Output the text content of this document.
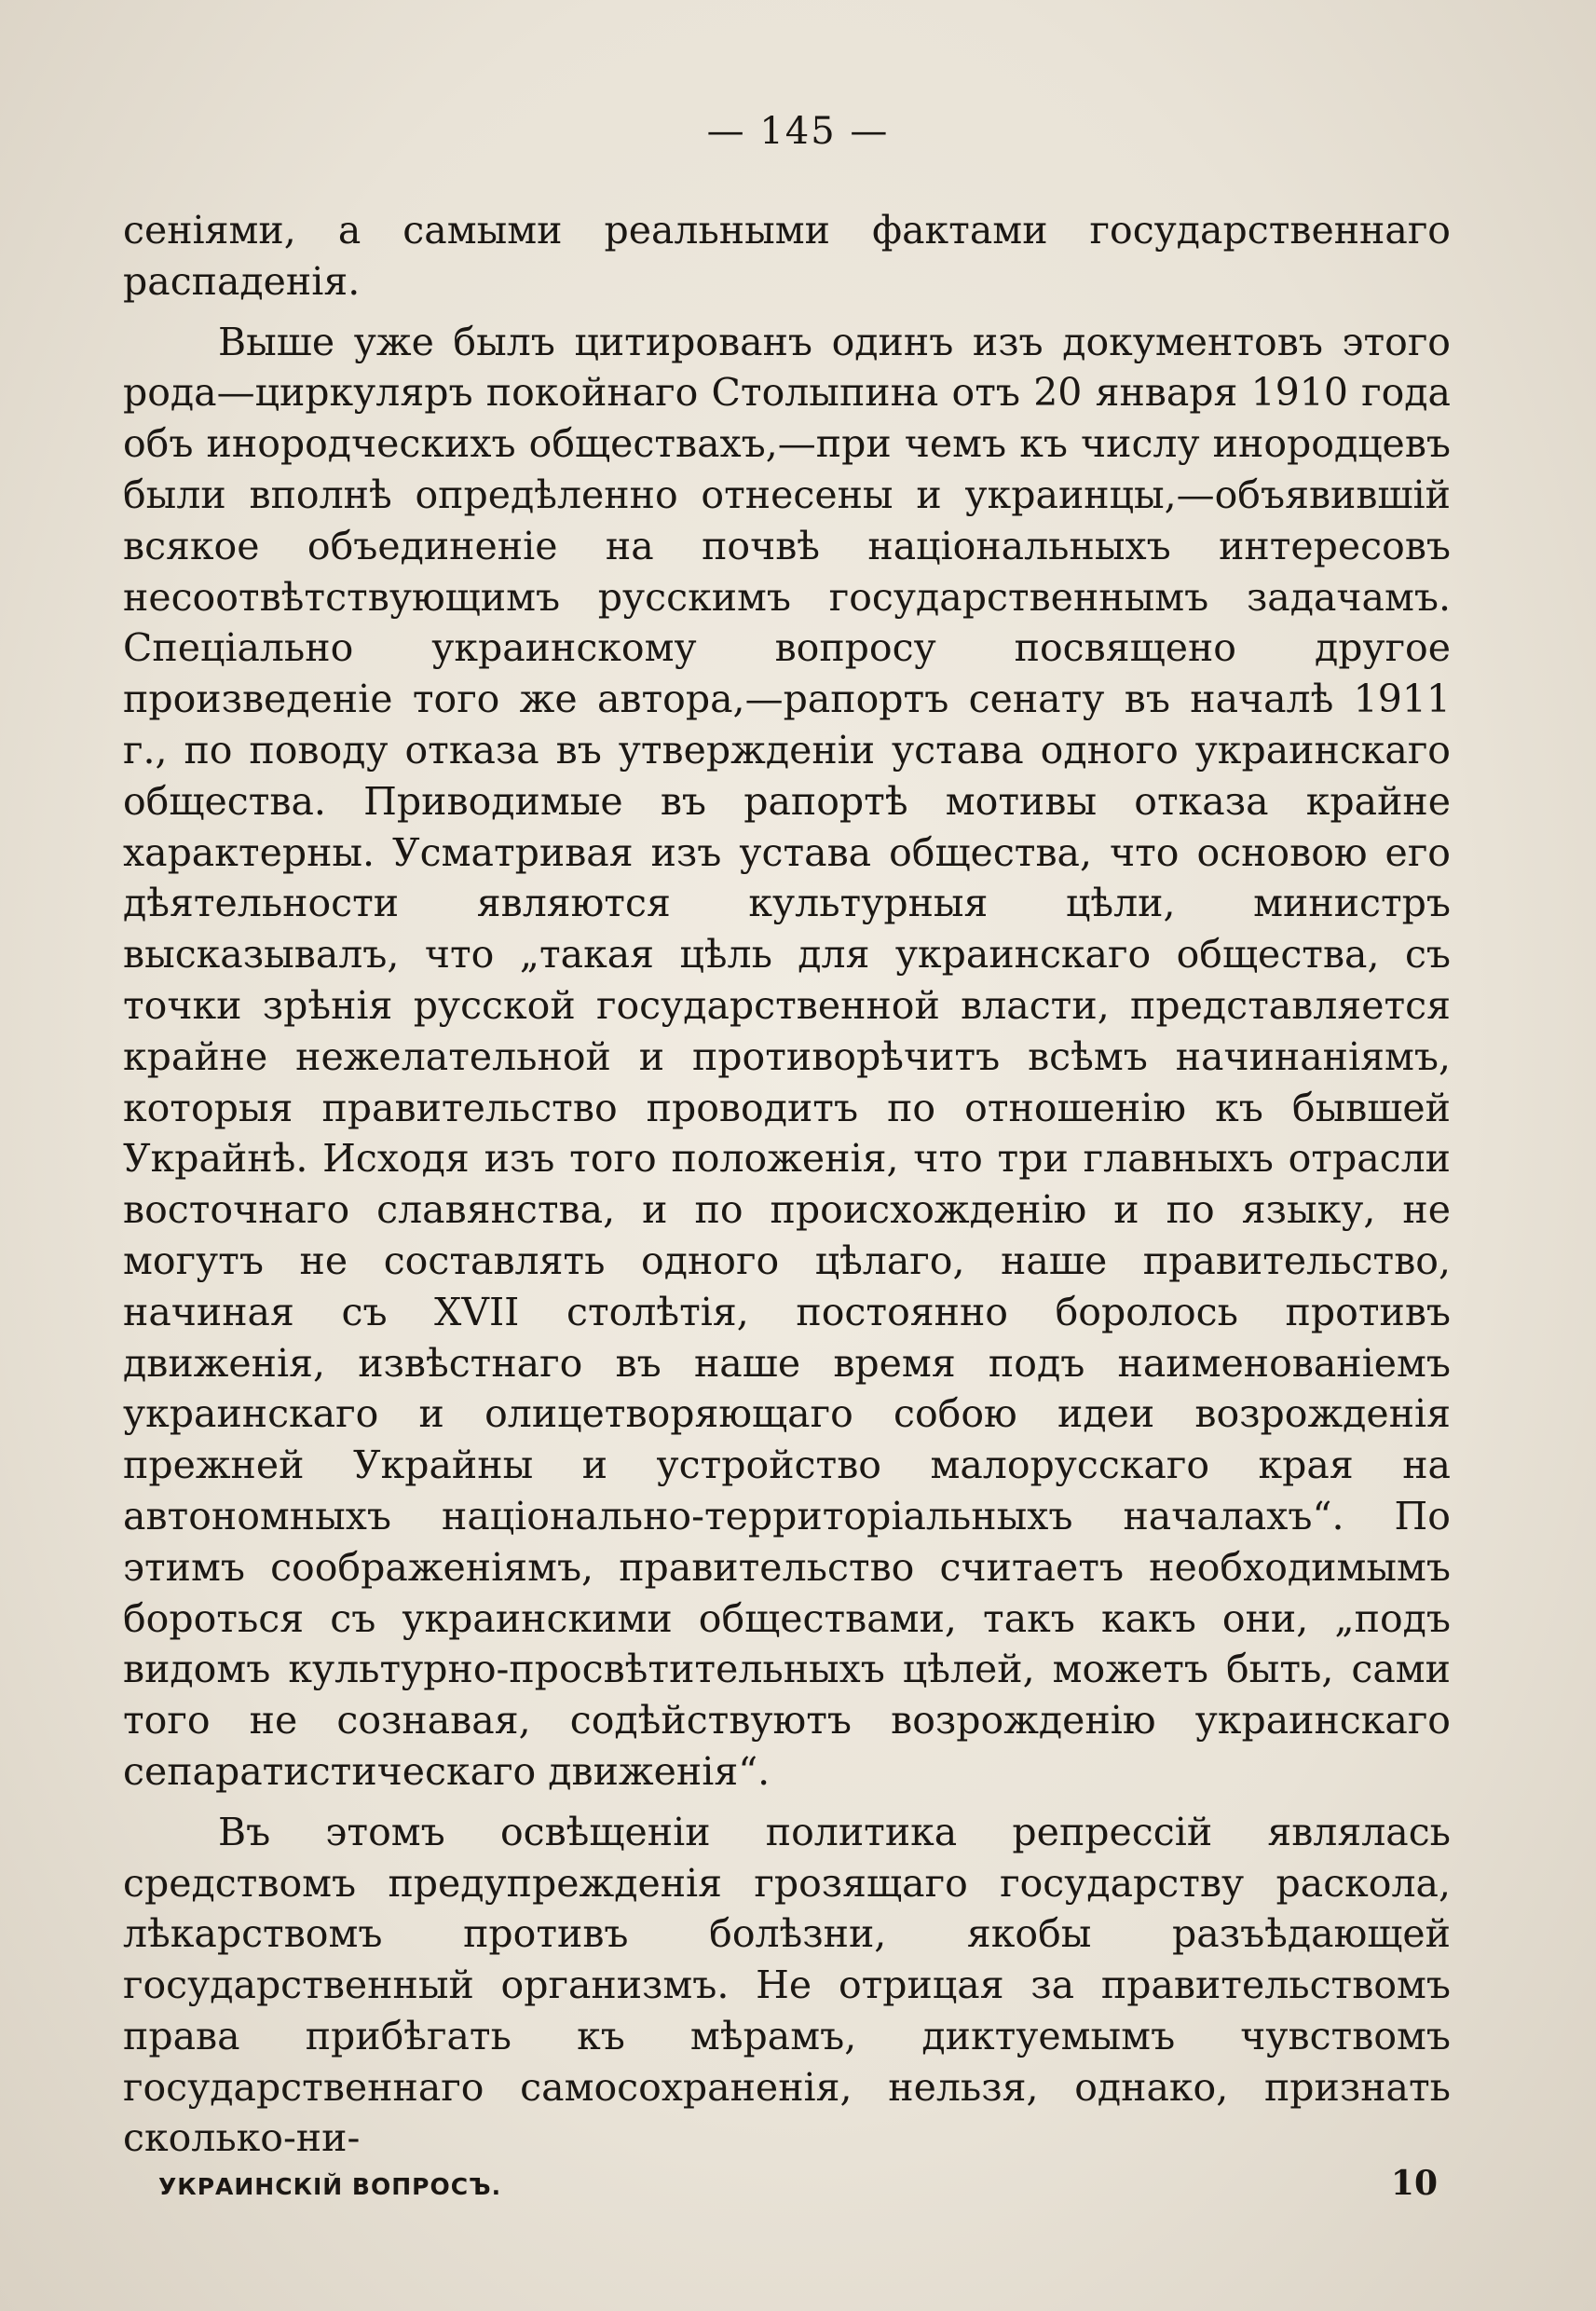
— 145 —

сеніями, а самыми реальными фактами государственнаго распаденія.

Выше уже былъ цитированъ одинъ изъ документовъ этого рода—циркуляръ покойнаго Столыпина отъ 20 января 1910 года объ инородческихъ обществахъ,—при чемъ къ числу инородцевъ были вполнѣ опредѣленно отнесены и украинцы,—объявившій всякое объединеніе на почвѣ національныхъ интересовъ несоотвѣтствующимъ русскимъ государственнымъ задачамъ. Спеціально украинскому вопросу посвящено другое произведеніе того же автора,—рапортъ сенату въ началѣ 1911 г., по поводу отказа въ утвержденіи устава одного украинскаго общества. Приводимые въ рапортѣ мотивы отказа крайне характерны. Усматривая изъ устава общества, что основою его дѣятельности являются культурныя цѣли, министръ высказывалъ, что „такая цѣль для украинскаго общества, съ точки зрѣнія русской государственной власти, представляется крайне нежелательной и противорѣчитъ всѣмъ начинаніямъ, которыя правительство проводитъ по отношенію къ бывшей Украйнѣ. Исходя изъ того положенія, что три главныхъ отрасли восточнаго славянства, и по происхожденію и по языку, не могутъ не составлять одного цѣлаго, наше правительство, начиная съ XVII столѣтія, постоянно боролось противъ движенія, извѣстнаго въ наше время подъ наименованіемъ украинскаго и олицетворяющаго собою идеи возрожденія прежней Украйны и устройство малорусскаго края на автономныхъ національно-территоріальныхъ началахъ“. По этимъ соображеніямъ, правительство считаетъ необходимымъ бороться съ украинскими обществами, такъ какъ они, „подъ видомъ культурно-просвѣтительныхъ цѣлей, можетъ быть, сами того не сознавая, содѣйствуютъ возрожденію украинскаго сепаратистическаго движенія“.

Въ этомъ освѣщеніи политика репрессій являлась средствомъ предупрежденія грозящаго государству раскола, лѣкарствомъ противъ болѣзни, якобы разъѣдающей государственный организмъ. Не отрицая за правительствомъ права прибѣгать къ мѣрамъ, диктуемымъ чувствомъ государственнаго самосохраненія, нельзя, однако, признать сколько-ни-

УКРАИНСКІЙ ВОПРОСЪ.	10
